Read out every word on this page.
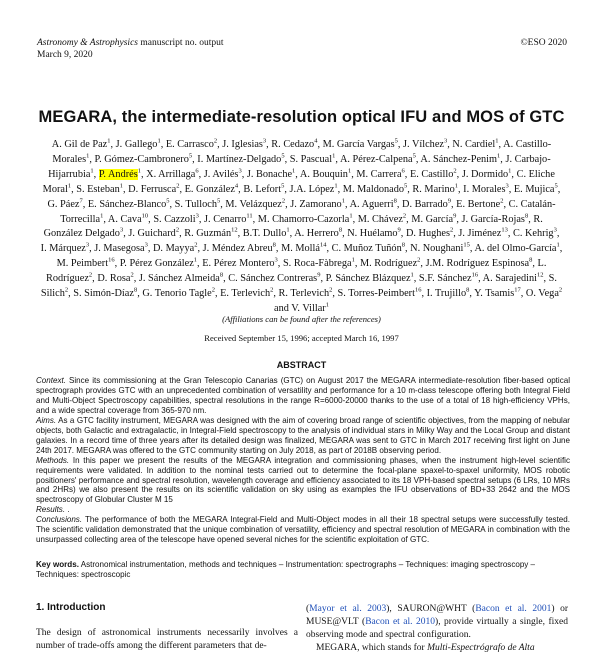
Astronomy & Astrophysics manuscript no. output
March 9, 2020
©ESO 2020
MEGARA, the intermediate-resolution optical IFU and MOS of GTC
A. Gil de Paz$^1$, J. Gallego$^1$, E. Carrasco$^2$, J. Iglesias$^3$, R. Cedazo$^4$, M. García Vargas$^5$, J. Vílchez$^3$, N. Cardiel$^1$, A. Castillo-Morales$^1$, P. Gómez-Cambronero$^5$, I. Martínez-Delgado$^5$, S. Pascual$^1$, A. Pérez-Calpena$^5$, A. Sánchez-Penim$^1$, J. Carbajo-Hijarrubia$^1$, P. Andrés$^1$, X. Arrillaga$^6$, J. Avilés$^3$, J. Bonache$^1$, A. Bouquin$^1$, M. Carrera$^6$, E. Castillo$^2$, J. Dormido$^1$, C. Eliche Moral$^1$, S. Esteban$^1$, D. Ferrusca$^2$, E. González$^4$, B. Lefort$^5$, J.A. López$^1$, M. Maldonado$^5$, R. Marino$^1$, I. Morales$^3$, E. Mujica$^5$, G. Páez$^7$, E. Sánchez-Blanco$^5$, S. Tulloch$^5$, M. Velázquez$^2$, J. Zamorano$^1$, A. Aguerri$^8$, D. Barrado$^9$, E. Bertone$^2$, C. Catalán-Torrecilla$^1$, A. Cava$^{10}$, S. Cazzoli$^3$, J. Cenarro$^{11}$, M. Chamorro-Cazorla$^1$, M. Chávez$^2$, M. García$^9$, J. García-Rojas$^8$, R. González Delgado$^3$, J. Guichard$^2$, R. Guzmán$^{12}$, B.T. Dullo$^1$, A. Herrero$^8$, N. Huélamo$^9$, D. Hughes$^2$, J. Jiménez$^{13}$, C. Kehrig$^3$, I. Márquez$^3$, J. Masegosa$^3$, D. Mayya$^2$, J. Méndez Abreu$^8$, M. Mollá$^{14}$, C. Muñoz Tuñón$^8$, N. Noughani$^{15}$, A. del Olmo-García$^1$, M. Peimbert$^{16}$, P. Pérez González$^1$, E. Pérez Montero$^3$, S. Roca-Fàbrega$^1$, M. Rodríguez$^2$, J.M. Rodríguez Espinosa$^8$, L. Rodríguez$^2$, D. Rosa$^2$, J. Sánchez Almeida$^8$, C. Sánchez Contreras$^9$, P. Sánchez Blázquez$^1$, S.F. Sánchez$^{16}$, A. Sarajedini$^{12}$, S. Silich$^2$, S. Simón-Díaz$^8$, G. Tenorio Tagle$^2$, E. Terlevich$^2$, R. Terlevich$^2$, S. Torres-Peimbert$^{16}$, I. Trujillo$^8$, Y. Tsamis$^{17}$, O. Vega$^2$ and V. Villar$^1$
(Affiliations can be found after the references)
Received September 15, 1996; accepted March 16, 1997
ABSTRACT

Context. Since its commissioning at the Gran Telescopio Canarias (GTC) on August 2017 the MEGARA intermediate-resolution fiber-based optical spectrograph provides GTC with an unprecedented combination of versatility and performance for a 10 m-class telescope offering both Integral Field and Multi-Object Spectroscopy capabilities, spectral resolutions in the range R=6000-20000 thanks to the use of a total of 18 high-efficiency VPHs, and a wide spectral coverage from 365-970 nm.

Aims. As a GTC facility instrument, MEGARA was designed with the aim of covering broad range of scientific objectives, from the mapping of nebular objects, both Galactic and extragalactic, in Integral-Field spectroscopy to the analysis of individual stars in Milky Way and the Local Group and distant galaxies. In a record time of three years after its detailed design was finalized, MEGARA was sent to GTC in March 2017 receiving first light on June 24th 2017. MEGARA was offered to the GTC community starting on July 2018, as part of 2018B observing period.

Methods. In this paper we present the results of the MEGARA integration and commissioning phases, when the instrument high-level scientific requirements were validated. In addition to the nominal tests carried out to determine the focal-plane spaxel-to-spaxel uniformity, MOS robotic positioners' performance and spectral resolution, wavelength coverage and efficiency associated to its 18 VPH-based spectral setups (6 LRs, 10 MRs and 2HRs) we also present the results on its scientific validation on sky using as examples the IFU observations of BD+33 2642 and the MOS spectroscopy of Globular Cluster M 15

Results. .

Conclusions. The performance of both the MEGARA Integral-Field and Multi-Object modes in all their 18 spectral setups were successfully tested. The scientific validation demonstrated that the unique combination of versatility, efficiency and spectral resolution of MEGARA in combination with the unsurpassed collecting area of the telescope have opened several niches for the scientific exploitation of GTC.

Key words. Astronomical instrumentation, methods and techniques – Instrumentation: spectrographs – Techniques: imaging spectroscopy – Techniques: spectroscopic
1. Introduction

The design of astronomical instruments necessarily involves a number of trade-offs among the different parameters that de-

(Mayor et al. 2003), SAURON@WHT (Bacon et al. 2001) or MUSE@VLT (Bacon et al. 2010), provide virtually a single, fixed observing mode and spectral configuration.

MEGARA, which stands for Multi-Espectrógrafo de Alta
